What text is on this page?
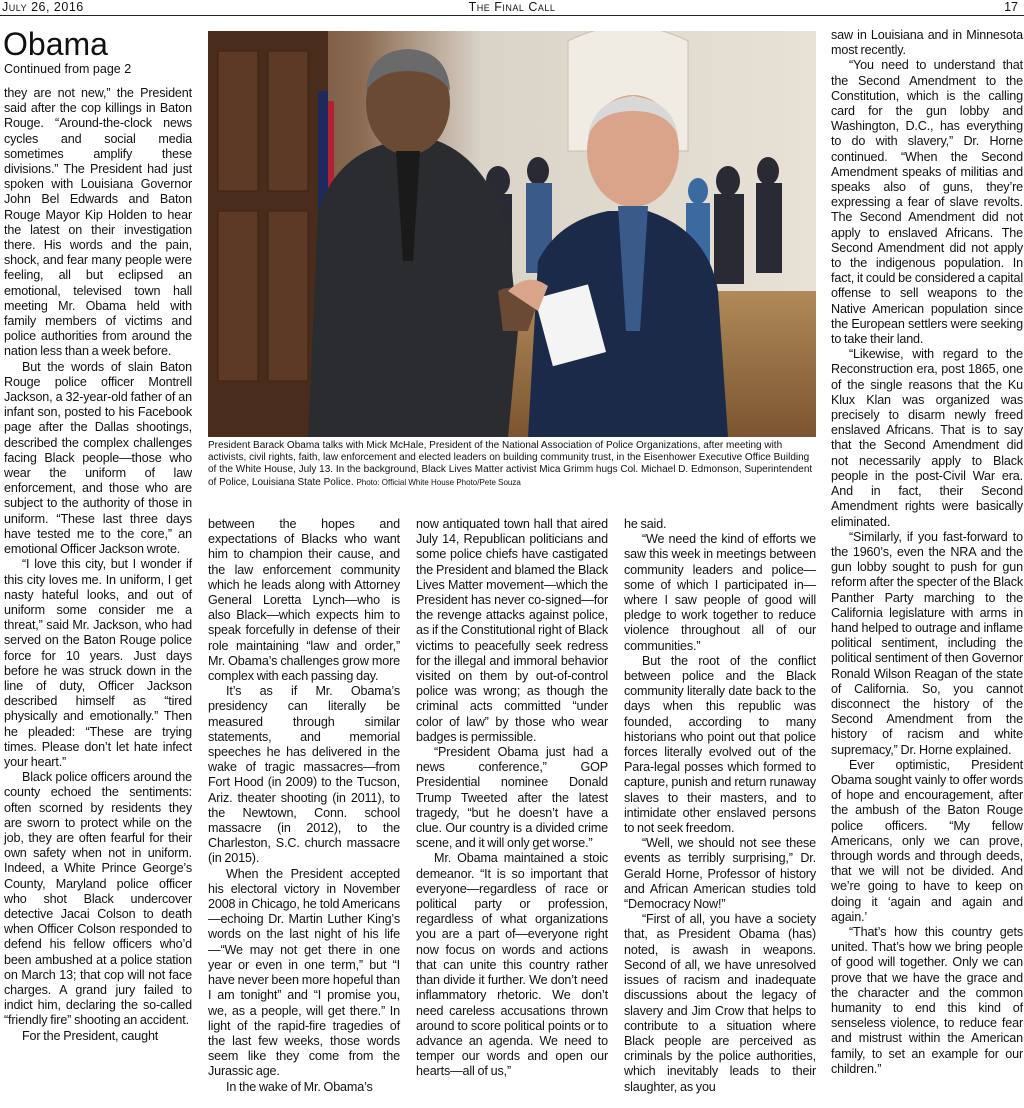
July 26, 2016	The Final Call	17
Obama
Continued from page 2
President Barack Obama talks with Mick McHale, President of the National Association of Police Organizations, after meeting with activists, civil rights, faith, law enforcement and elected leaders on building community trust, in the Eisenhower Executive Office Building of the White House, July 13. In the background, Black Lives Matter activist Mica Grimm hugs Col. Michael D. Edmonson, Superintendent of Police, Louisiana State Police. Photo: Official White House Photo/Pete Souza

they are not new,” the President said after the cop killings in Baton Rouge. “Around-the-clock news cycles and social media sometimes amplify these divisions.” The President had just spoken with Louisiana Governor John Bel Edwards and Baton Rouge Mayor Kip Holden to hear the latest on their investigation there. His words and the pain, shock, and fear many people were feeling, all but eclipsed an emotional, televised town hall meeting Mr. Obama held with family members of victims and police authorities from around the nation less than a week before.

But the words of slain Baton Rouge police officer Montrell Jackson, a 32-year-old father of an infant son, posted to his Facebook page after the Dallas shootings, described the complex challenges facing Black people—those who wear the uniform of law enforcement, and those who are subject to the authority of those in uniform. “These last three days have tested me to the core,” an emotional Officer Jackson wrote.

“I love this city, but I wonder if this city loves me. In uniform, I get nasty hateful looks, and out of uniform some consider me a threat,” said Mr. Jackson, who had served on the Baton Rouge police force for 10 years. Just days before he was struck down in the line of duty, Officer Jackson described himself as “tired physically and emotionally.” Then he pleaded: “These are trying times. Please don’t let hate infect your heart.”

Black police officers around the county echoed the sentiments: often scorned by residents they are sworn to protect while on the job, they are often fearful for their own safety when not in uniform. Indeed, a White Prince George’s County, Maryland police officer who shot Black undercover detective Jacai Colson to death when Officer Colson responded to defend his fellow officers who’d been ambushed at a police station on March 13; that cop will not face charges. A grand jury failed to indict him, declaring the so-called “friendly fire” shooting an accident.

For the President, caught

between the hopes and expectations of Blacks who want him to champion their cause, and the law enforcement community which he leads along with Attorney General Loretta Lynch—who is also Black—which expects him to speak forcefully in defense of their role maintaining “law and order,” Mr. Obama’s challenges grow more complex with each passing day.

It’s as if Mr. Obama’s presidency can literally be measured through similar statements, and memorial speeches he has delivered in the wake of tragic massacres—from Fort Hood (in 2009) to the Tucson, Ariz. theater shooting (in 2011), to the Newtown, Conn. school massacre (in 2012), to the Charleston, S.C. church massacre (in 2015).

When the President accepted his electoral victory in November 2008 in Chicago, he told Americans—echoing Dr. Martin Luther King’s words on the last night of his life—“We may not get there in one year or even in one term,” but “I have never been more hopeful than I am tonight” and “I promise you, we, as a people, will get there.” In light of the rapid-fire tragedies of the last few weeks, those words seem like they come from the Jurassic age.

In the wake of Mr. Obama’s

now antiquated town hall that aired July 14, Republican politicians and some police chiefs have castigated the President and blamed the Black Lives Matter movement—which the President has never co-signed—for the revenge attacks against police, as if the Constitutional right of Black victims to peacefully seek redress for the illegal and immoral behavior visited on them by out-of-control police was wrong; as though the criminal acts committed “under color of law” by those who wear badges is permissible.

“President Obama just had a news conference,” GOP Presidential nominee Donald Trump Tweeted after the latest tragedy, “but he doesn’t have a clue. Our country is a divided crime scene, and it will only get worse.”

Mr. Obama maintained a stoic demeanor. “It is so important that everyone—regardless of race or political party or profession, regardless of what organizations you are a part of—everyone right now focus on words and actions that can unite this country rather than divide it further. We don’t need inflammatory rhetoric. We don’t need careless accusations thrown around to score political points or to advance an agenda. We need to temper our words and open our hearts—all of us,”

he said.

“We need the kind of efforts we saw this week in meetings between community leaders and police—some of which I participated in—where I saw people of good will pledge to work together to reduce violence throughout all of our communities.”

But the root of the conflict between police and the Black community literally date back to the days when this republic was founded, according to many historians who point out that police forces literally evolved out of the Para-legal posses which formed to capture, punish and return runaway slaves to their masters, and to intimidate other enslaved persons to not seek freedom.

“Well, we should not see these events as terribly surprising,” Dr. Gerald Horne, Professor of history and African American studies told “Democracy Now!”

“First of all, you have a society that, as President Obama (has) noted, is awash in weapons. Second of all, we have unresolved issues of racism and inadequate discussions about the legacy of slavery and Jim Crow that helps to contribute to a situation where Black people are perceived as criminals by the police authorities, which inevitably leads to their slaughter, as you

saw in Louisiana and in Minnesota most recently.

“You need to understand that the Second Amendment to the Constitution, which is the calling card for the gun lobby and Washington, D.C., has everything to do with slavery,” Dr. Horne continued. “When the Second Amendment speaks of militias and speaks also of guns, they’re expressing a fear of slave revolts. The Second Amendment did not apply to enslaved Africans. The Second Amendment did not apply to the indigenous population. In fact, it could be considered a capital offense to sell weapons to the Native American population since the European settlers were seeking to take their land.

“Likewise, with regard to the Reconstruction era, post 1865, one of the single reasons that the Ku Klux Klan was organized was precisely to disarm newly freed enslaved Africans. That is to say that the Second Amendment did not necessarily apply to Black people in the post-Civil War era. And in fact, their Second Amendment rights were basically eliminated.

“Similarly, if you fast-forward to the 1960’s, even the NRA and the gun lobby sought to push for gun reform after the specter of the Black Panther Party marching to the California legislature with arms in hand helped to outrage and inflame political sentiment, including the political sentiment of then Governor Ronald Wilson Reagan of the state of California. So, you cannot disconnect the history of the Second Amendment from the history of racism and white supremacy,” Dr. Horne explained.

Ever optimistic, President Obama sought vainly to offer words of hope and encouragement, after the ambush of the Baton Rouge police officers. “My fellow Americans, only we can prove, through words and through deeds, that we will not be divided. And we’re going to have to keep on doing it ‘again and again and again.’

“That’s how this country gets united. That’s how we bring people of good will together. Only we can prove that we have the grace and the character and the common humanity to end this kind of senseless violence, to reduce fear and mistrust within the American family, to set an example for our children.”
